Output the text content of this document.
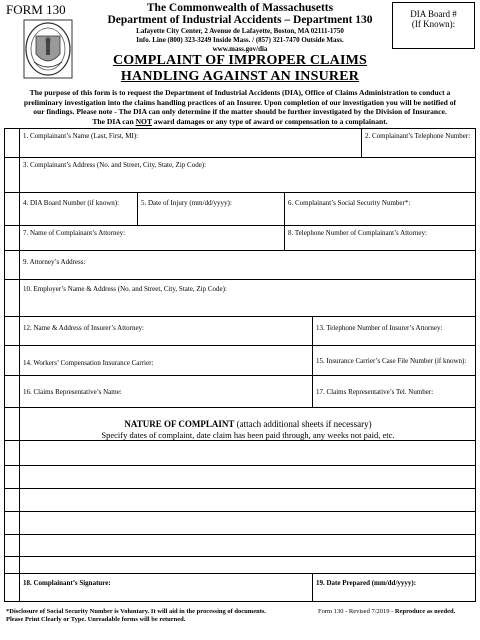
FORM 130	The Commonwealth of Massachusetts
Department of Industrial Accidents – Department 130
Lafayette City Center, 2 Avenue de Lafayette, Boston, MA 02111-1750
Info. Line (800) 323-3249 Inside Mass. / (857) 321-7470 Outside Mass.
www.mass.gov/dia
COMPLAINT OF IMPROPER CLAIMS
HANDLING AGAINST AN INSURER
DIA Board #
(If Known):
The purpose of this form is to request the Department of Industrial Accidents (DIA), Office of Claims Administration to conduct a
preliminary investigation into the claims handling practices of an Insurer. Upon completion of our investigation you will be notified of
our findings. Please note - The DIA can only determine if the matter should be further investigated by the Division of Insurance.
The DIA can NOT award damages or any type of award or compensation to a complainant.
1. Complainant’s Name (Last, First, MI):	2. Complainant’s Telephone Number:
3. Complainant’s Address (No. and Street, City, State, Zip Code):
4. DIA Board Number (if known):	5. Date of Injury (mm/dd/yyyy):	6. Complainant’s Social Security Number*:
7. Name of Complainant’s Attorney:	8. Telephone Number of Complainant’s Attorney:
9. Attorney’s Address:
10. Employer’s Name & Address (No. and Street, City, State, Zip Code):
12. Name & Address of Insurer’s Attorney:	13. Telephone Number of Insurer’s Attorney:
14. Workers’ Compensation Insurance Carrier:	15. Insurance Carrier’s Case File Number (if known):
16. Claims Representative’s Name:	17. Claims Representative’s Tel. Number:
NATURE OF COMPLAINT (attach additional sheets if necessary)
Specify dates of complaint, date claim has been paid through, any weeks not paid, etc.
18. Complainant’s Signature:	19. Date Prepared (mm/dd/yyyy):
*Disclosure of Social Security Number is Voluntary. It will aid in the processing of documents.
Please Print Clearly or Type. Unreadable forms will be returned.
Form 130 - Revised 7/2019 - Reproduce as needed.
